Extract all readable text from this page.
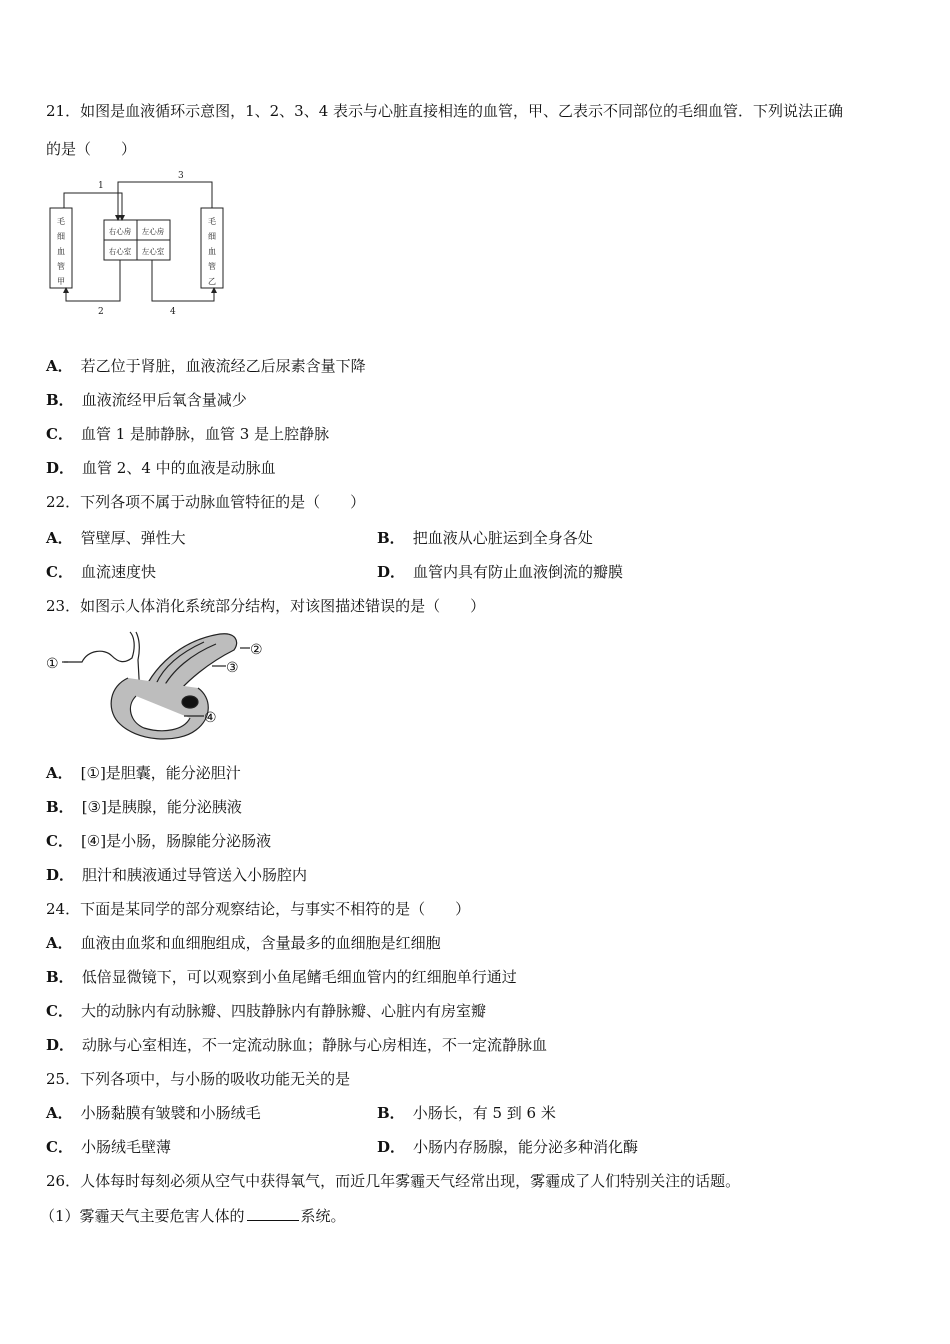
21．如图是血液循环示意图，1、2、3、4 表示与心脏直接相连的血管，甲、乙表示不同部位的毛细血管．下列说法正确
的是（　　）
1
3
2	4
毛
细
血
管
甲
毛
细
血
管
乙
右心房 左心房
右心室 左心室
A． 若乙位于肾脏，血液流经乙后尿素含量下降
B． 血液流经甲后氧含量减少
C． 血管 1 是肺静脉，血管 3 是上腔静脉
D． 血管 2、4 中的血液是动脉血
22．下列各项不属于动脉血管特征的是（　　）
A． 管壁厚、弹性大	B． 把血液从心脏运到全身各处
C． 血流速度快	D． 血管内具有防止血液倒流的瓣膜
23．如图示人体消化系统部分结构，对该图描述错误的是（　　）
①
②
③
④
A． [①]是胆囊，能分泌胆汁
B． [③]是胰腺，能分泌胰液
C． [④]是小肠，肠腺能分泌肠液
D． 胆汁和胰液通过导管送入小肠腔内
24．下面是某同学的部分观察结论，与事实不相符的是（　　）
A． 血液由血浆和血细胞组成，含量最多的血细胞是红细胞
B． 低倍显微镜下，可以观察到小鱼尾鳍毛细血管内的红细胞单行通过
C． 大的动脉内有动脉瓣、四肢静脉内有静脉瓣、心脏内有房室瓣
D． 动脉与心室相连，不一定流动脉血；静脉与心房相连，不一定流静脉血
25．下列各项中，与小肠的吸收功能无关的是
A． 小肠黏膜有皱襞和小肠绒毛	B． 小肠长，有 5 到 6 米
C． 小肠绒毛壁薄	D． 小肠内存肠腺，能分泌多种消化酶
26．人体每时每刻必须从空气中获得氧气，而近几年雾霾天气经常出现，雾霾成了人们特别关注的话题。
（1）雾霾天气主要危害人体的	系统。
